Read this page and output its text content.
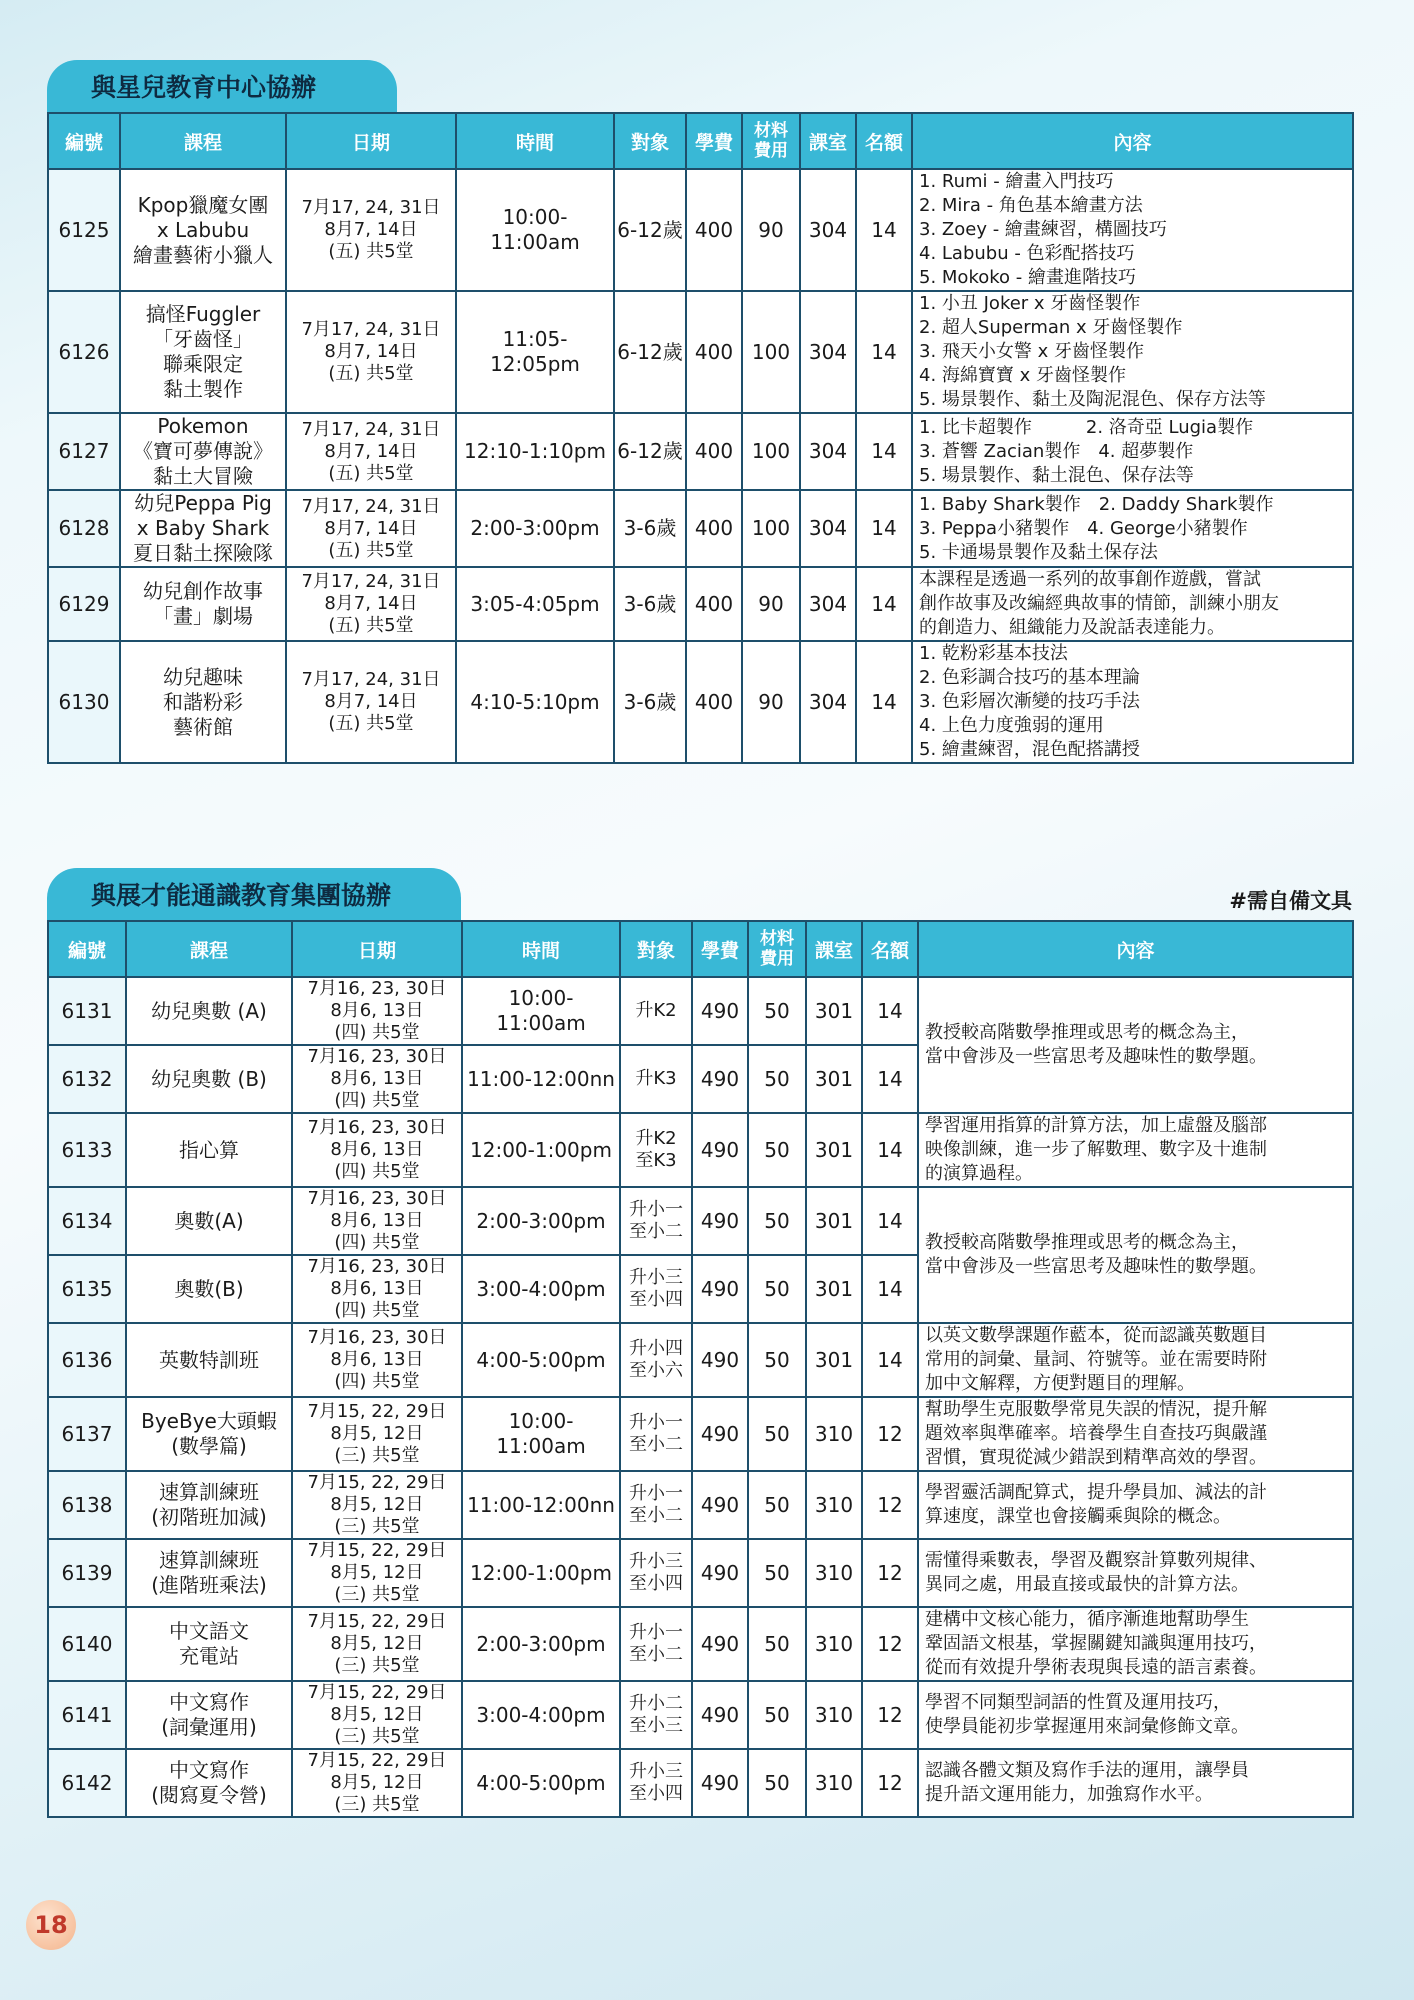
與星兒教育中心協辦
編號	課程	日期	時間	對象	學費	材料
費用	課室	名額	內容
6125	Kpop獵魔女團
x Labubu
繪畫藝術小獵人	7月17, 24, 31日
8月7, 14日
(五) 共5堂	10:00-11:00am	6-12歲	400	90	304	14	1. Rumi - 繪畫入門技巧
2. Mira - 角色基本繪畫方法
3. Zoey - 繪畫練習，構圖技巧
4. Labubu - 色彩配搭技巧
5. Mokoko - 繪畫進階技巧

6126	搞怪Fuggler
「牙齒怪」
聯乘限定
黏土製作	7月17, 24, 31日
8月7, 14日
(五) 共5堂	11:05-12:05pm	6-12歲	400	100	304	14	1. 小丑 Joker x 牙齒怪製作
2. 超人Superman x 牙齒怪製作
3. 飛天小女警 x 牙齒怪製作
4. 海綿寶寶 x 牙齒怪製作
5. 場景製作、黏土及陶泥混色、保存方法等

6127	Pokemon
《寶可夢傳說》
黏土大冒險	7月17, 24, 31日
8月7, 14日
(五) 共5堂	12:10-1:10pm	6-12歲	400	100	304	14	1. 比卡超製作　　　2. 洛奇亞 Lugia製作
3. 蒼響 Zacian製作　4. 超夢製作
5. 場景製作、黏土混色、保存法等

6128	幼兒Peppa Pig
x Baby Shark
夏日黏土探險隊	7月17, 24, 31日
8月7, 14日
(五) 共5堂	2:00-3:00pm	3-6歲	400	100	304	14	1. Baby Shark製作　2. Daddy Shark製作
3. Peppa小豬製作　4. George小豬製作
5. 卡通場景製作及黏土保存法

6129	幼兒創作故事
「畫」劇場	7月17, 24, 31日
8月7, 14日
(五) 共5堂	3:05-4:05pm	3-6歲	400	90	304	14	本課程是透過一系列的故事創作遊戲，嘗試
創作故事及改編經典故事的情節，訓練小朋友
的創造力、組織能力及說話表達能力。

6130	幼兒趣味
和諧粉彩
藝術館	7月17, 24, 31日
8月7, 14日
(五) 共5堂	4:10-5:10pm	3-6歲	400	90	304	14	1. 乾粉彩基本技法
2. 色彩調合技巧的基本理論
3. 色彩層次漸變的技巧手法
4. 上色力度強弱的運用
5. 繪畫練習，混色配搭講授
#需自備文具
與展才能通識教育集團協辦
編號	課程	日期	時間	對象	學費	材料
費用	課室	名額	內容
6131	幼兒奧數 (A)	7月16, 23, 30日
8月6, 13日
(四) 共5堂	10:00-11:00am	升K2	490	50	301	14	教授較高階數學推理或思考的概念為主，
當中會涉及一些富思考及趣味性的數學題。

6132	幼兒奧數 (B)	7月16, 23, 30日
8月6, 13日
(四) 共5堂	11:00-12:00nn	升K3	490	50	301	14	
6133	指心算	7月16, 23, 30日
8月6, 13日
(四) 共5堂	12:00-1:00pm	升K2
至K3	490	50	301	14	學習運用指算的計算方法，加上虛盤及腦部
映像訓練，進一步了解數理、數字及十進制
的演算過程。

6134	奧數(A)	7月16, 23, 30日
8月6, 13日
(四) 共5堂	2:00-3:00pm	升小一
至小二	490	50	301	14	教授較高階數學推理或思考的概念為主，
當中會涉及一些富思考及趣味性的數學題。

6135	奧數(B)	7月16, 23, 30日
8月6, 13日
(四) 共5堂	3:00-4:00pm	升小三
至小四	490	50	301	14	
6136	英數特訓班	7月16, 23, 30日
8月6, 13日
(四) 共5堂	4:00-5:00pm	升小四
至小六	490	50	301	14	以英文數學課題作藍本，從而認識英數題目
常用的詞彙、量詞、符號等。並在需要時附
加中文解釋，方便對題目的理解。

6137	ByeBye大頭蝦
(數學篇)	7月15, 22, 29日
8月5, 12日
(三) 共5堂	10:00-11:00am	升小一
至小二	490	50	310	12	幫助學生克服數學常見失誤的情況，提升解
題效率與準確率。培養學生自查技巧與嚴謹
習慣，實現從減少錯誤到精準高效的學習。

6138	速算訓練班
(初階班加減)	7月15, 22, 29日
8月5, 12日
(三) 共5堂	11:00-12:00nn	升小一
至小二	490	50	310	12	學習靈活調配算式，提升學員加、減法的計
算速度，課堂也會接觸乘與除的概念。

6139	速算訓練班
(進階班乘法)	7月15, 22, 29日
8月5, 12日
(三) 共5堂	12:00-1:00pm	升小三
至小四	490	50	310	12	需懂得乘數表，學習及觀察計算數列規律、
異同之處，用最直接或最快的計算方法。

6140	中文語文
充電站	7月15, 22, 29日
8月5, 12日
(三) 共5堂	2:00-3:00pm	升小一
至小二	490	50	310	12	建構中文核心能力，循序漸進地幫助學生
鞏固語文根基，掌握關鍵知識與運用技巧，
從而有效提升學術表現與長遠的語言素養。

6141	中文寫作
(詞彙運用)	7月15, 22, 29日
8月5, 12日
(三) 共5堂	3:00-4:00pm	升小二
至小三	490	50	310	12	學習不同類型詞語的性質及運用技巧，
使學員能初步掌握運用來詞彙修飾文章。

6142	中文寫作
(閱寫夏令營)	7月15, 22, 29日
8月5, 12日
(三) 共5堂	4:00-5:00pm	升小三
至小四	490	50	310	12	認識各體文類及寫作手法的運用，讓學員
提升語文運用能力，加強寫作水平。
18
